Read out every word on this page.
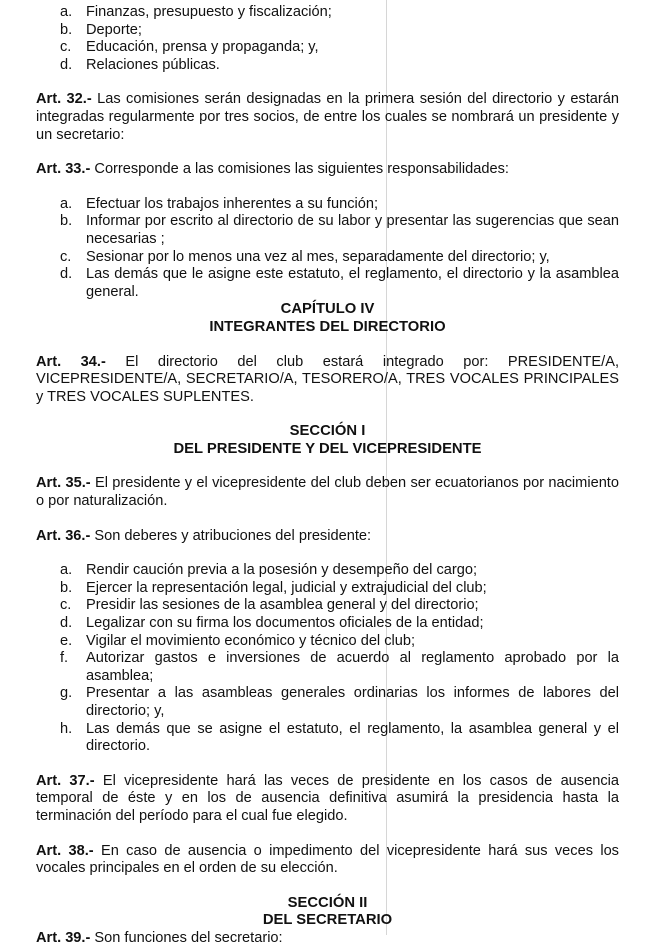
a. Finanzas, presupuesto y fiscalización;
b. Deporte;
c.	Educación, prensa y propaganda; y,
d. Relaciones públicas.

Art. 32.- Las comisiones serán designadas en la primera sesión del directorio y estarán integradas regularmente por tres socios, de entre los cuales se nombrará un presidente y un secretario:

Art. 33.- Corresponde a las comisiones las siguientes responsabilidades:

a. Efectuar los trabajos inherentes a su función;
b. Informar por escrito al directorio de su labor y presentar las sugerencias que sean necesarias ;
c.	Sesionar por lo menos una vez al mes, separadamente del directorio; y,
d. Las demás que le asigne este estatuto, el reglamento, el directorio y la asamblea general.

CAPÍTULO IV

INTEGRANTES DEL DIRECTORIO

Art. 34.- El directorio del club estará integrado por: PRESIDENTE/A, VICEPRESIDENTE/A, SECRETARIO/A, TESORERO/A, TRES VOCALES PRINCIPALES y TRES VOCALES SUPLENTES.

SECCIÓN I

DEL PRESIDENTE Y DEL VICEPRESIDENTE

Art. 35.- El presidente y el vicepresidente del club deben ser ecuatorianos por nacimiento o por naturalización.

Art. 36.- Son deberes y atribuciones del presidente:

a. Rendir caución previa a la posesión y desempeño del cargo;
b. Ejercer la representación legal, judicial y extrajudicial del club;
c.	Presidir las sesiones de la asamblea general y del directorio;
d. Legalizar con su firma los documentos oficiales de la entidad;
e. Vigilar el movimiento económico y técnico del club;
f.	Autorizar gastos e inversiones de acuerdo al reglamento aprobado por la asamblea;
g. Presentar a las asambleas generales ordinarias los informes de labores del directorio; y,
h. Las demás que se asigne el estatuto, el reglamento, la asamblea general y el directorio.

Art. 37.- El vicepresidente hará las veces de presidente en los casos de ausencia temporal de éste y en los de ausencia definitiva asumirá la presidencia hasta la terminación del período para el cual fue elegido.

Art. 38.- En caso de ausencia o impedimento del vicepresidente hará sus veces los vocales principales en el orden de su elección.

SECCIÓN II

DEL SECRETARIO

Art. 39.- Son funciones del secretario:
